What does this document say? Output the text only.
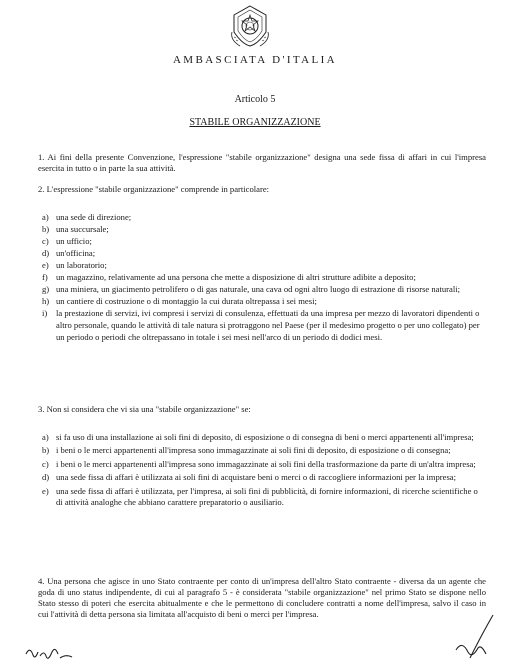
AMBASCIATA D'ITALIA
Articolo 5
STABILE ORGANIZZAZIONE
1. Ai fini della presente Convenzione, l'espressione "stabile organizzazione" designa una sede fissa di affari in cui l'impresa esercita in tutto o in parte la sua attività.
2. L'espressione "stabile organizzazione" comprende in particolare:
a) una sede di direzione;
b) una succursale;
c) un ufficio;
d) un'officina;
e) un laboratorio;
f) un magazzino, relativamente ad una persona che mette a disposizione di altri strutture adibite a deposito;
g) una miniera, un giacimento petrolifero o di gas naturale, una cava od ogni altro luogo di estrazione di risorse naturali;
h) un cantiere di costruzione o di montaggio la cui durata oltrepassa i sei mesi;
i) la prestazione di servizi, ivi compresi i servizi di consulenza, effettuati da una impresa per mezzo di lavoratori dipendenti o altro personale, quando le attività di tale natura si protraggono nel Paese (per il medesimo progetto o per uno collegato) per un periodo o periodi che oltrepassano in totale i sei mesi nell'arco di un periodo di dodici mesi.
3. Non si considera che vi sia una "stabile organizzazione" se:
a) si fa uso di una installazione ai soli fini di deposito, di esposizione o di consegna di beni o merci appartenenti all'impresa;
b) i beni o le merci appartenenti all'impresa sono immagazzinate ai soli fini di deposito, di esposizione o di consegna;
c) i beni o le merci appartenenti all'impresa sono immagazzinate ai soli fini della trasformazione da parte di un'altra impresa;
d) una sede fissa di affari è utilizzata ai soli fini di acquistare beni o merci o di raccogliere informazioni per la impresa;
e) una sede fissa di affari è utilizzata, per l'impresa, ai soli fini di pubblicità, di fornire informazioni, di ricerche scientifiche o di attività analoghe che abbiano carattere preparatorio o ausiliario.
4. Una persona che agisce in uno Stato contraente per conto di un'impresa dell'altro Stato contraente - diversa da un agente che goda di uno status indipendente, di cui al paragrafo 5 - è considerata "stabile organizzazione" nel primo Stato se dispone nello Stato stesso di poteri che esercita abitualmente e che le permettono di concludere contratti a nome dell'impresa, salvo il caso in cui l'attività di detta persona sia limitata all'acquisto di beni o merci per l'impresa.
